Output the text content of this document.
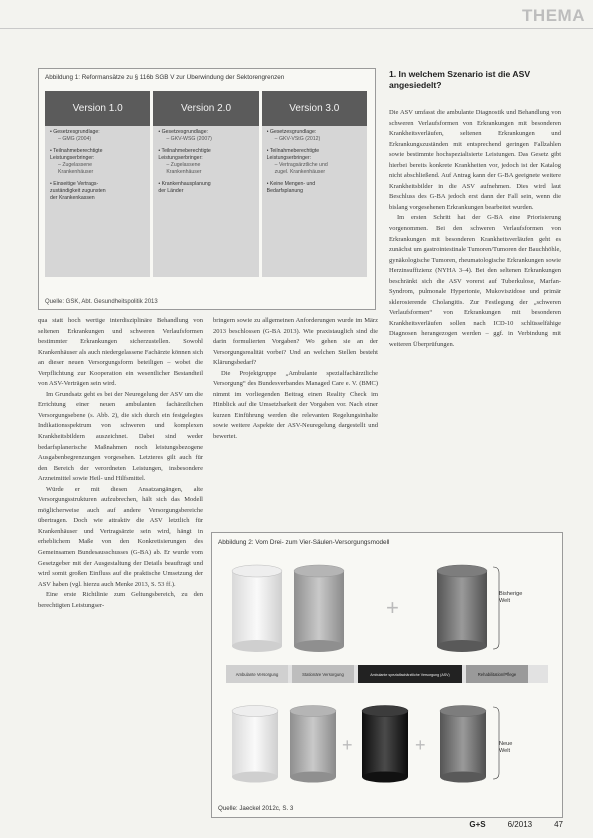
THEMA
Abbildung 1: Reformansätze zu § 116b SGB V zur Überwindung der Sektorengrenzen
Version 1.0
• Gesetzesgrundlage:
– GMG (2004)
• Teilnahmeberechtigte
Leistungserbringer:
– Zugelassene
Krankenhäuser
• Einseitige Vertrags-
zuständigkeit zugunsten
der Krankenkassen
Version 2.0
• Gesetzesgrundlage:
– GKV-WSG (2007)
• Teilnahmeberechtigte
Leistungserbringer:
– Zugelassene
Krankenhäuser
• Krankenhausplanung
der Länder
Version 3.0
• Gesetzesgrundlage:
– GKV-VStG (2012)
• Teilnahmeberechtigte
Leistungserbringer:
– Vertragsärztliche und
zugel. Krankenhäuser
• Keine Mengen- und
Bedarfsplanung
Quelle: GSK, Abt. Gesundheitspolitik 2013
1. In welchem Szenario ist die ASV angesiedelt?

Die ASV umfasst die ambulante Diagnostik und Behandlung von schweren Verlaufsformen von Erkrankungen mit besonderen Krankheitsverläufen, seltenen Erkrankungen und Erkrankungszuständen mit entsprechend geringen Fallzahlen sowie bestimmte hochspezialisierte Leistungen. Das Gesetz gibt hierbei bereits konkrete Krankheiten vor, jedoch ist der Katalog nicht abschließend. Auf Antrag kann der G-BA geeignete weitere Krankheitsbilder in die ASV aufnehmen. Dies wird laut Beschluss des G-BA jedoch erst dann der Fall sein, wenn die bislang vorgesehenen Erkrankungen bearbeitet wurden.

Im ersten Schritt hat der G-BA eine Priorisierung vorgenommen. Bei den schweren Verlaufsformen von Erkrankungen mit besonderen Krankheitsverläufen geht es zunächst um gastrointestinale Tumoren/Tumoren der Bauchhöhle, gynäkologische Tumoren, rheumatologische Erkrankungen sowie Herzinsuffizienz (NYHA 3–4). Bei den seltenen Erkrankungen beschränkt sich die ASV vorerst auf Tuberkulose, Marfan-Syndrom, pulmonale Hypertonie, Mukoviszidose und primär sklerosierende Cholangitis. Zur Festlegung der „schweren Verlaufsformen“ von Erkrankungen mit besonderen Krankheitsverläufen sollen nach ICD-10 schlüsselfähige Diagnosen herangezogen werden – ggf. in Verbindung mit weiteren Überprüfungen.

qua statt hoch wertige interdisziplinäre Behandlung von seltenen Erkrankungen und schweren Verlaufsformen bestimmter Erkrankungen sicherzustellen. Sowohl Krankenhäuser als auch niedergelassene Fachärzte können sich an dieser neuen Versorgungsform beteiligen – wobei die Verpflichtung zur Kooperation ein wesentlicher Bestandteil von ASV-Verträgen sein wird.

Im Grundsatz geht es bei der Neuregelung der ASV um die Errichtung einer neuen ambulanten fachärztlichen Versorgungsebene (s. Abb. 2), die sich durch ein festgelegtes Indikationsspektrum von schweren und komplexen Krankheitsbildern auszeichnet. Dabei sind weder bedarfsplanerische Maßnahmen noch leistungsbezogene Ausgabenbegrenzungen vorgesehen. Letzteres gilt auch für den Bereich der verordneten Leistungen, insbesondere Arzneimittel sowie Heil- und Hilfsmittel.

Würde er mit diesen Ansatzangängen, alte Versorgungsstrukturen aufzubrechen, hält sich das Modell möglicherweise auch auf andere Versorgungsbereiche übertragen. Doch wie attraktiv die ASV letztlich für Krankenhäuser und Vertragsärzte sein wird, hängt in erheblichem Maße von den Konkretisierungen des Gemeinsamen Bundesausschusses (G-BA) ab. Er wurde vom Gesetzgeber mit der Ausgestaltung der Details beauftragt und wird somit großen Einfluss auf die praktische Umsetzung der ASV haben (vgl. hierzu auch Menke 2013, S. 53 ff.).

Eine erste Richtlinie zum Geltungsbereich, zu den berechtigten Leistungser-

bringern sowie zu allgemeinen Anforderungen wurde im März 2013 beschlossen (G-BA 2013). Wie praxistauglich sind die darin formulierten Vorgaben? Wo gehen sie an der Versorgungsrealität vorbei? Und an welchen Stellen besteht Klärungsbedarf?

Die Projektgruppe „Ambulante spezialfachärztliche Versorgung“ des Bundesverbandes Managed Care e. V. (BMC) nimmt im vorliegenden Beitrag einen Reality Check im Hinblick auf die Umsetzbarkeit der Vorgaben vor. Nach einer kurzen Einführung werden die relevanten Regelungsinhalte sowie weitere Aspekte der ASV-Neuregelung dargestellt und bewertet.

Abbildung 2: Vom Drei- zum Vier-Säulen-Versorgungsmodell
+
Bisherige Welt
Ambulante Versorgung	Stationäre Versorgung	Ambulante spezialfachärztliche Versorgung (ASV)	Rehabilitation/Pflege
+	+	Neue Welt
Quelle: Jaeckel 2012c, S. 3
G+S	6/2013	47
